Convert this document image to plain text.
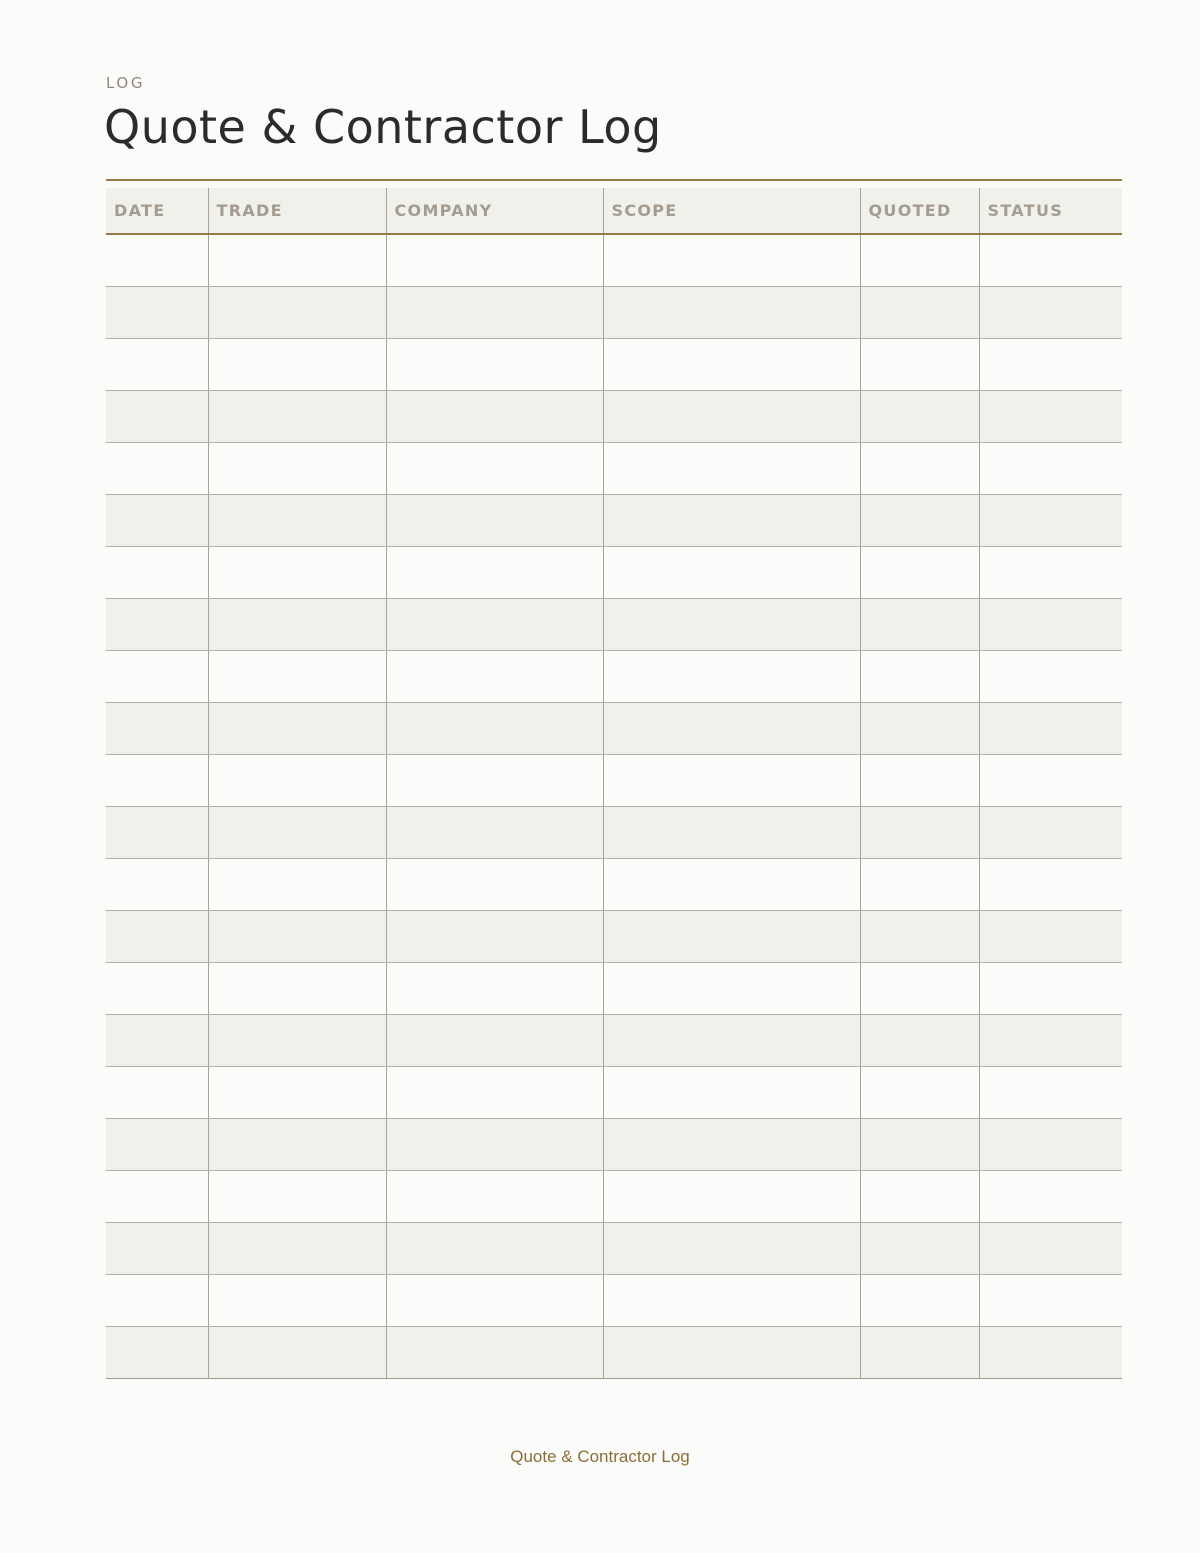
LOG
Quote & Contractor Log
DATE	TRADE	COMPANY	SCOPE	QUOTED	STATUS

Quote & Contractor Log
